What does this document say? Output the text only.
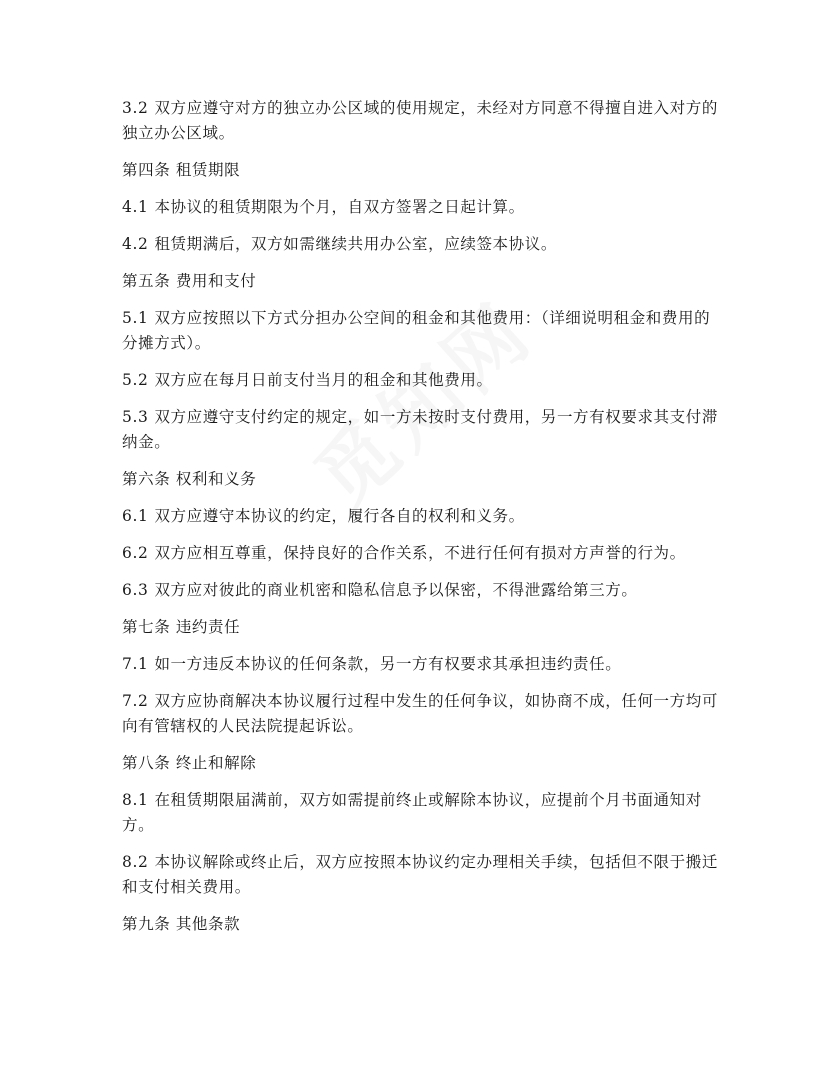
3.2 双方应遵守对方的独立办公区域的使用规定，未经对方同意不得擅自进入对方的独立办公区域。

第四条 租赁期限

4.1 本协议的租赁期限为个月，自双方签署之日起计算。

4.2 租赁期满后，双方如需继续共用办公室，应续签本协议。

第五条 费用和支付

5.1 双方应按照以下方式分担办公空间的租金和其他费用：（详细说明租金和费用的分摊方式）。

5.2 双方应在每月日前支付当月的租金和其他费用。

5.3 双方应遵守支付约定的规定，如一方未按时支付费用，另一方有权要求其支付滞纳金。

第六条 权利和义务

6.1 双方应遵守本协议的约定，履行各自的权利和义务。

6.2 双方应相互尊重，保持良好的合作关系，不进行任何有损对方声誉的行为。

6.3 双方应对彼此的商业机密和隐私信息予以保密，不得泄露给第三方。

第七条 违约责任

7.1 如一方违反本协议的任何条款，另一方有权要求其承担违约责任。

7.2 双方应协商解决本协议履行过程中发生的任何争议，如协商不成，任何一方均可向有管辖权的人民法院提起诉讼。

第八条 终止和解除

8.1 在租赁期限届满前，双方如需提前终止或解除本协议，应提前个月书面通知对方。

8.2 本协议解除或终止后，双方应按照本协议约定办理相关手续，包括但不限于搬迁和支付相关费用。

第九条 其他条款
